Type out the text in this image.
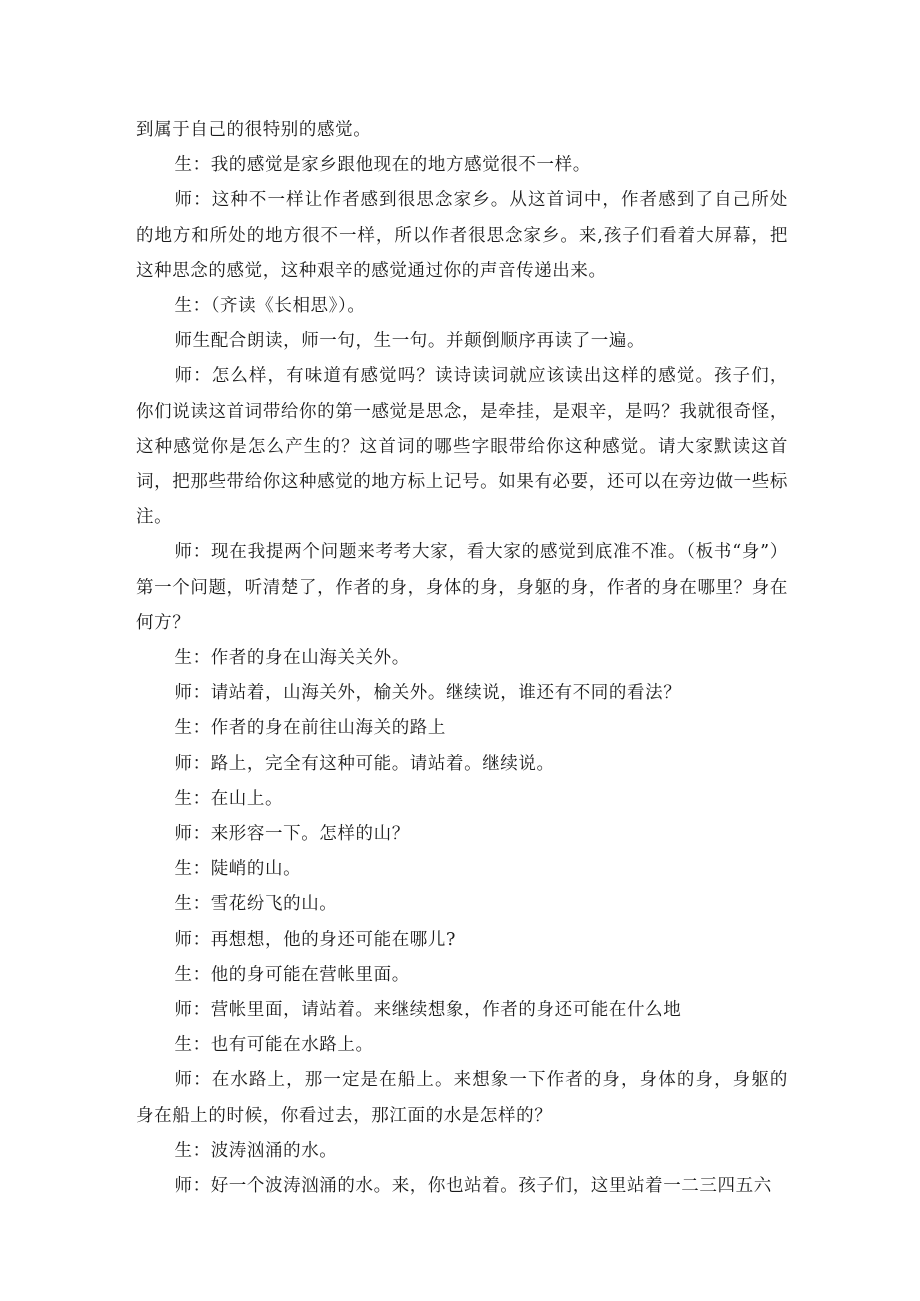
到属于自己的很特别的感觉。

生：我的感觉是家乡跟他现在的地方感觉很不一样。

师：这种不一样让作者感到很思念家乡。从这首词中，作者感到了自己所处的地方和所处的地方很不一样，所以作者很思念家乡。来,孩子们看着大屏幕，把这种思念的感觉，这种艰辛的感觉通过你的声音传递出来。

生：（齐读《长相思》）。

师生配合朗读，师一句，生一句。并颠倒顺序再读了一遍。

师：怎么样，有味道有感觉吗？读诗读词就应该读出这样的感觉。孩子们，你们说读这首词带给你的第一感觉是思念，是牵挂，是艰辛，是吗？我就很奇怪，这种感觉你是怎么产生的？这首词的哪些字眼带给你这种感觉。请大家默读这首词，把那些带给你这种感觉的地方标上记号。如果有必要，还可以在旁边做一些标注。

师：现在我提两个问题来考考大家，看大家的感觉到底准不准。（板书“身”）第一个问题，听清楚了，作者的身，身体的身，身躯的身，作者的身在哪里？身在何方？

生：作者的身在山海关关外。

师：请站着，山海关外，榆关外。继续说，谁还有不同的看法？

生：作者的身在前往山海关的路上

师：路上，完全有这种可能。请站着。继续说。

生：在山上。

师：来形容一下。怎样的山？

生：陡峭的山。

生：雪花纷飞的山。

师：再想想，他的身还可能在哪儿?

生：他的身可能在营帐里面。

师：营帐里面，请站着。来继续想象，作者的身还可能在什么地

生：也有可能在水路上。

师：在水路上，那一定是在船上。来想象一下作者的身，身体的身，身躯的身在船上的时候，你看过去，那江面的水是怎样的？

生：波涛汹涌的水。

师：好一个波涛汹涌的水。来，你也站着。孩子们，这里站着一二三四五六
